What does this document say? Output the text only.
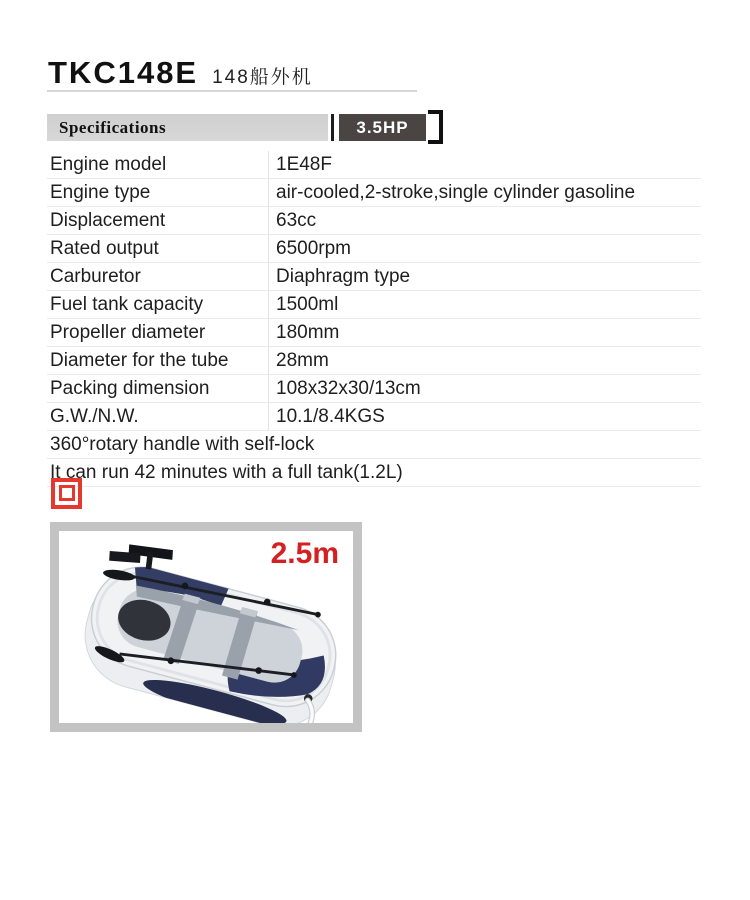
TKC148E 148船外机
Specifications	3.5HP
Engine model	1E48F
Engine type	air-cooled,2-stroke,single cylinder gasoline
Displacement	63cc
Rated output	6500rpm
Carburetor	Diaphragm type
Fuel tank capacity	1500ml
Propeller diameter	180mm
Diameter for the tube	28mm
Packing dimension	108x32x30/13cm
G.W./N.W.	10.1/8.4KGS
360°rotary handle with self-lock
It can run 42 minutes with a full tank(1.2L)
2.5m
